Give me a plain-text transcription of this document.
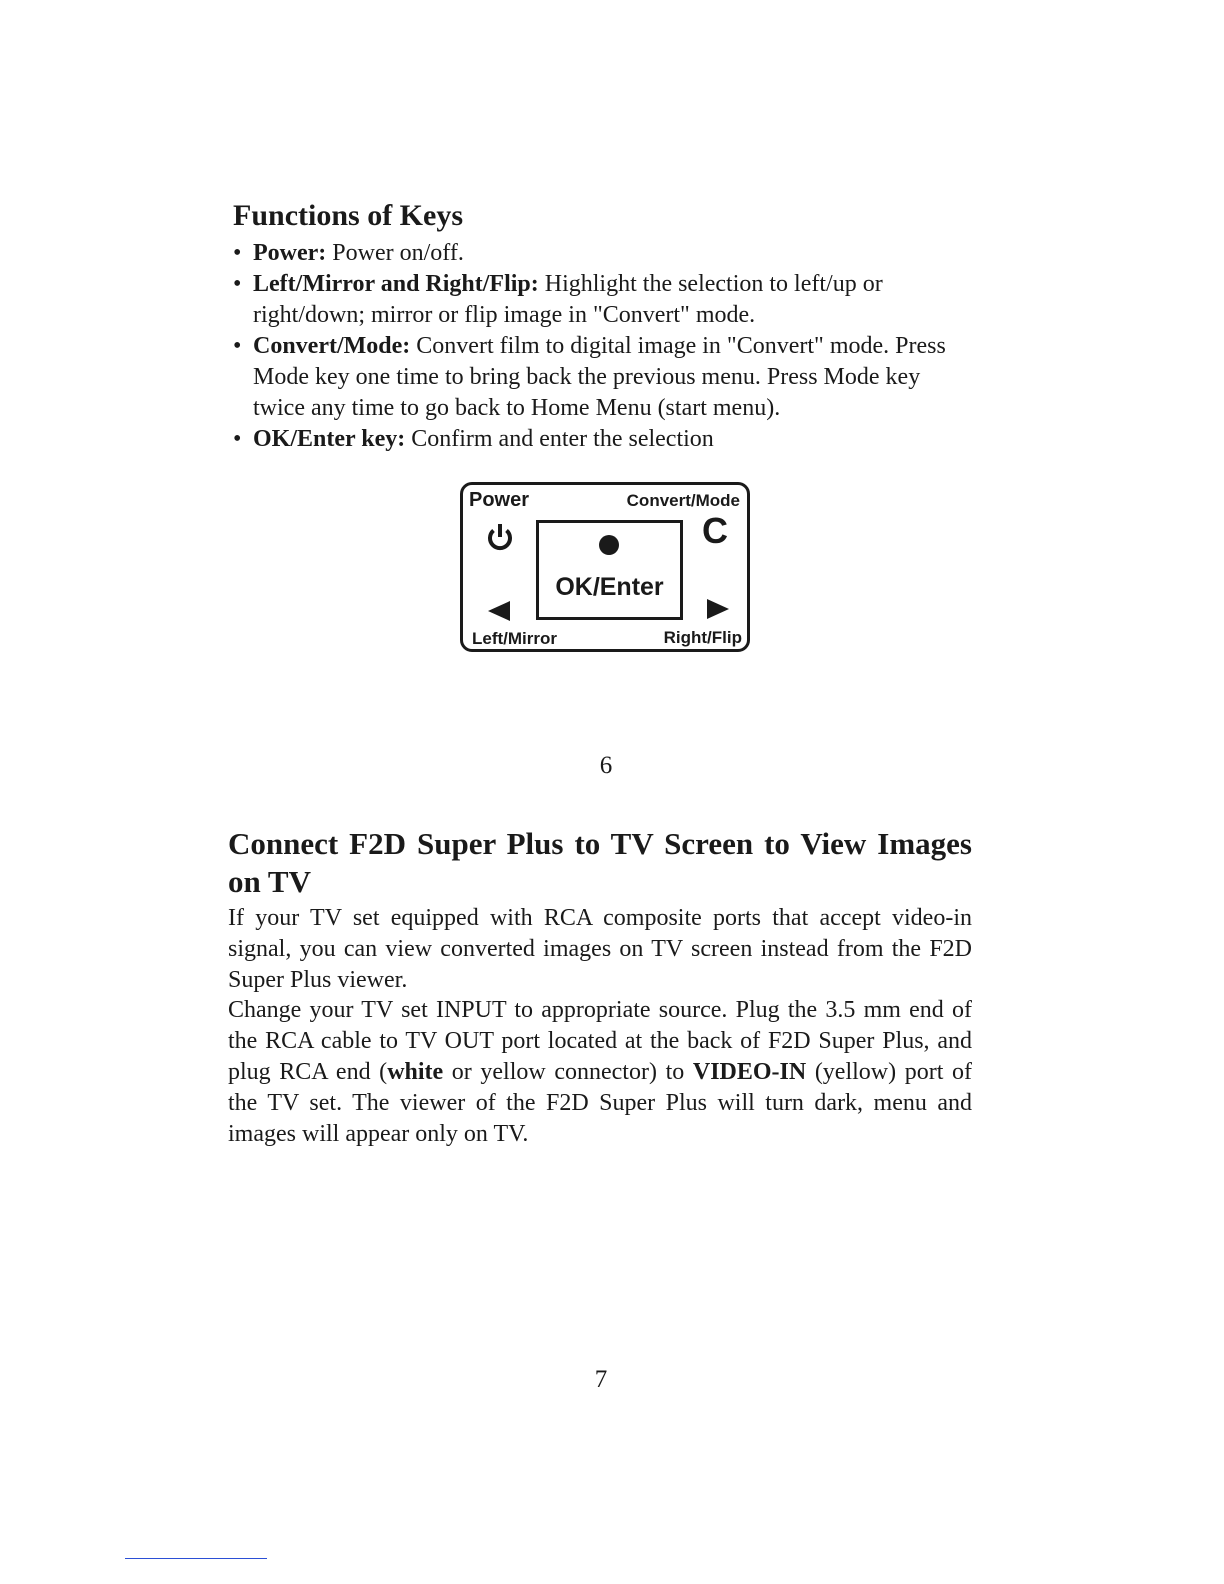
Functions of Keys
• Power: Power on/off.
• Left/Mirror and Right/Flip: Highlight the selection to left/up or right/down; mirror or flip image in "Convert" mode.
• Convert/Mode: Convert film to digital image in "Convert" mode. Press Mode key one time to bring back the previous menu. Press Mode key twice any time to go back to Home Menu (start menu).
• OK/Enter key: Confirm and enter the selection
Power	Convert/Mode
C
OK/Enter
Left/Mirror	Right/Flip
6
Connect F2D Super Plus to TV Screen to View Images on TV

If your TV set equipped with RCA composite ports that accept video-in signal, you can view converted images on TV screen instead from the F2D Super Plus viewer.

Change your TV set INPUT to appropriate source. Plug the 3.5 mm end of the RCA cable to TV OUT port located at the back of F2D Super Plus, and plug RCA end (white or yellow connector) to VIDEO-IN (yellow) port of the TV set. The viewer of the F2D Super Plus will turn dark, menu and images will appear only on TV.

7
